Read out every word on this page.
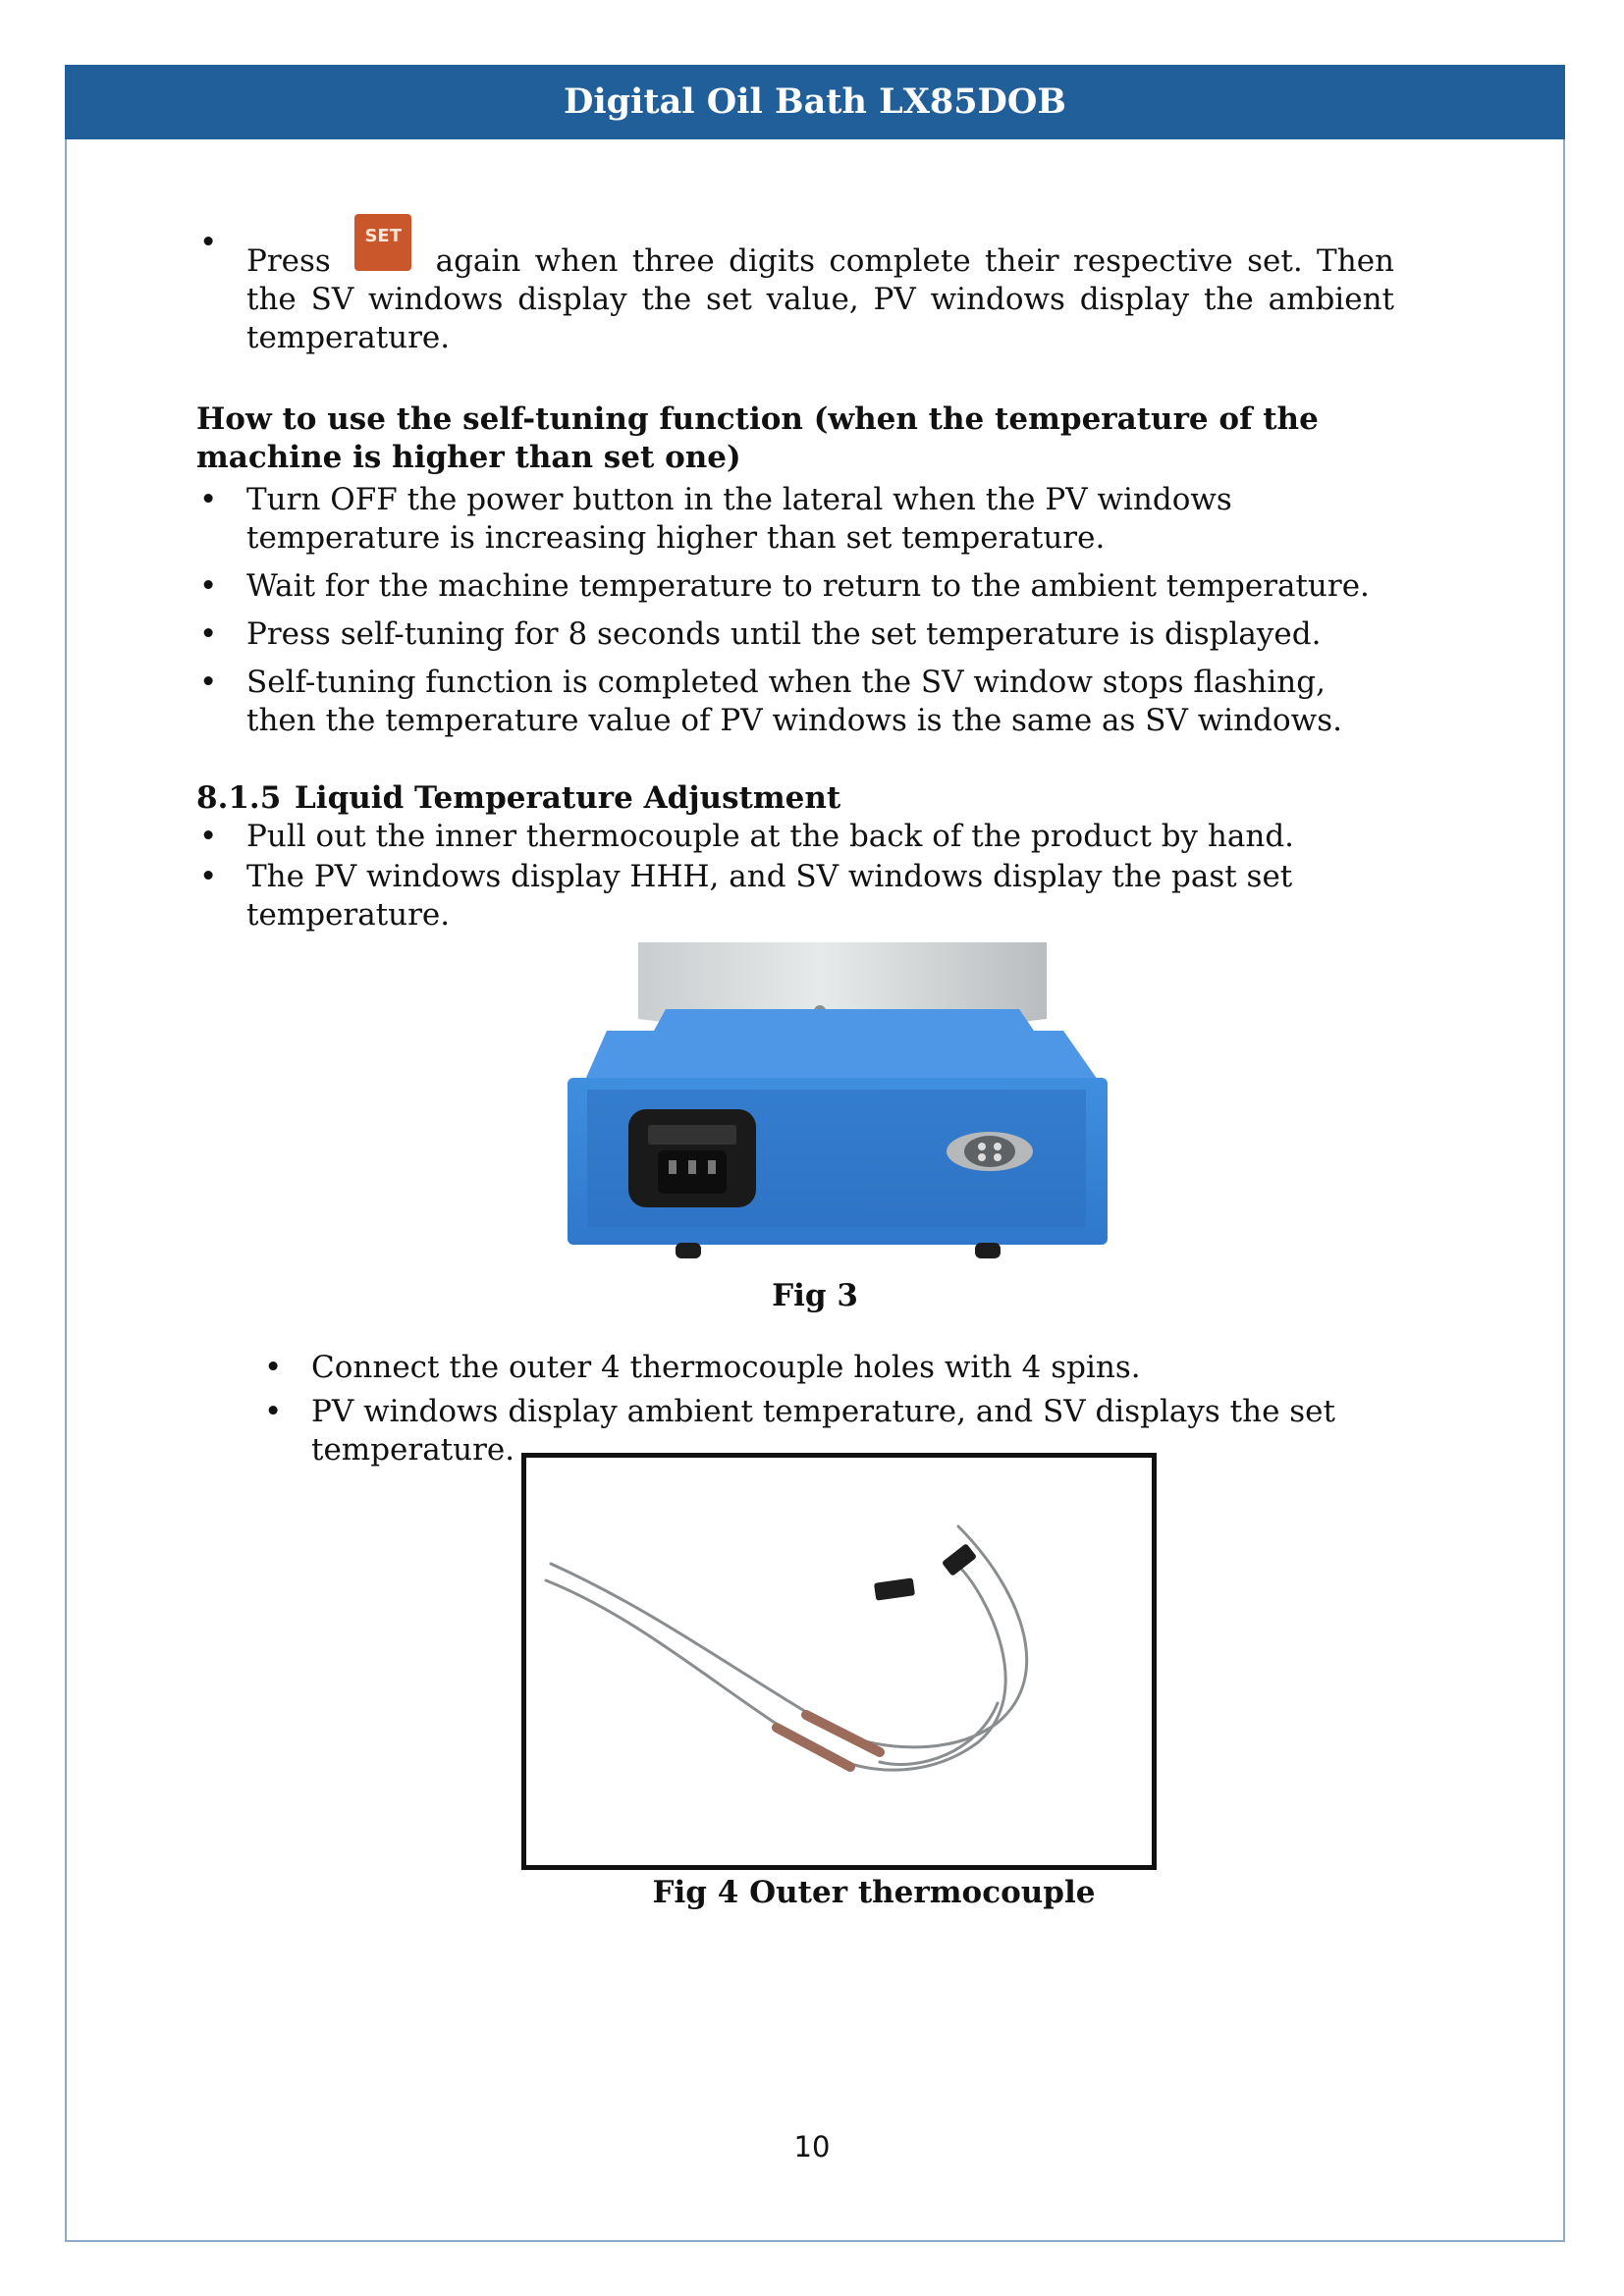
Digital Oil Bath LX85DOB
•
Press SET again when three digits complete their respective set. Then the SV windows display the set value, PV windows display the ambient temperature.

How to use the self-tuning function (when the temperature of the machine is higher than set one)

• Turn OFF the power button in the lateral when the PV windows temperature is increasing higher than set temperature.
• Wait for the machine temperature to return to the ambient temperature.
• Press self-tuning for 8 seconds until the set temperature is displayed.
• Self-tuning function is completed when the SV window stops flashing, then the temperature value of PV windows is the same as SV windows.

8.1.5 Liquid Temperature Adjustment

• Pull out the inner thermocouple at the back of the product by hand.
• The PV windows display HHH, and SV windows display the past set temperature.
Fig 3
• Connect the outer 4 thermocouple holes with 4 spins.
• PV windows display ambient temperature, and SV displays the set temperature.
Fig 4 Outer thermocouple
10
